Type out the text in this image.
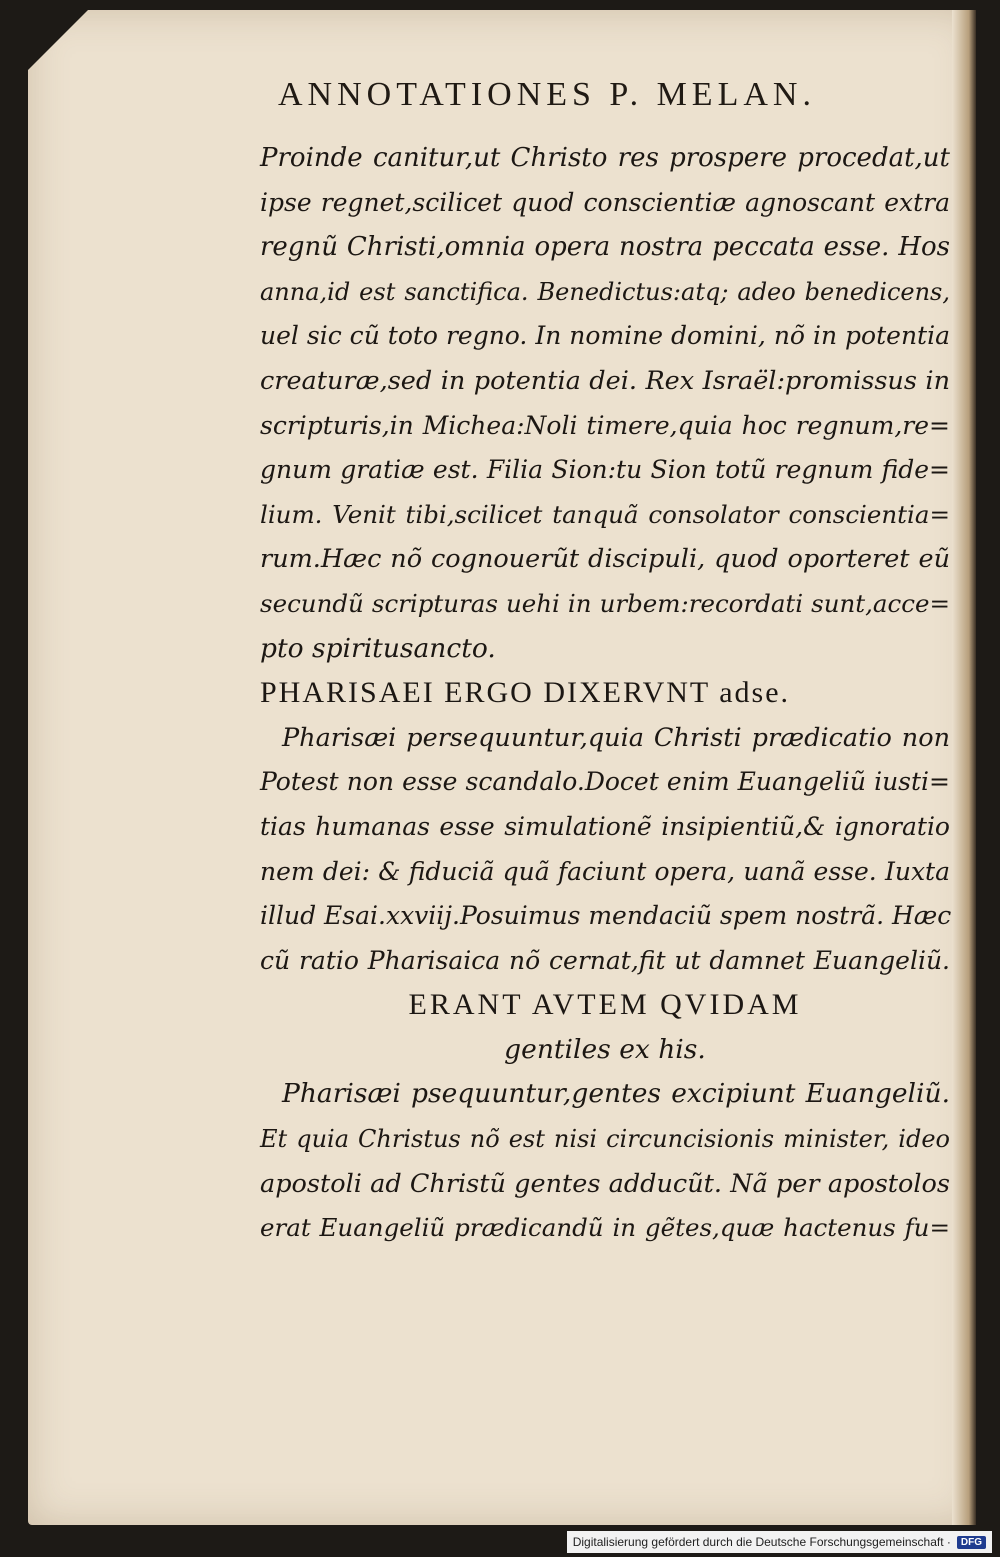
ANNOTATIONES P. MELAN.
Proinde canitur,ut Christo res prospere procedat,ut
ipse regnet,scilicet quod conscientiæ agnoscant extra
regnũ Christi,omnia opera nostra peccata esse. Hos
anna,id est sanctifica. Benedictus:atq; adeo benedicens,
uel sic cũ toto regno. In nomine domini, nõ in potentia
creaturæ,sed in potentia dei. Rex Israël:promissus in
scripturis,in Michea:Noli timere,quia hoc regnum,re=
gnum gratiæ est. Filia Sion:tu Sion totũ regnum fide=
lium. Venit tibi,scilicet tanquã consolator conscientia=
rum.Hæc nõ cognouerũt discipuli, quod oporteret eũ
secundũ scripturas uehi in urbem:recordati sunt,acce=
pto spiritusancto.
PHARISAEI ERGO DIXERVNT adse.
Pharisæi persequuntur,quia Christi prædicatio non
Potest non esse scandalo.Docet enim Euangeliũ iusti=
tias humanas esse simulationẽ insipientiũ,& ignoratio
nem dei: & fiduciã quã faciunt opera, uanã esse. Iuxta
illud Esai.xxviij.Posuimus mendaciũ spem nostrã. Hæc
cũ ratio Pharisaica nõ cernat,fit ut damnet Euangeliũ.
ERANT AVTEM QVIDAM
gentiles ex his.
Pharisæi psequuntur,gentes excipiunt Euangeliũ.
Et quia Christus nõ est nisi circuncisionis minister, ideo
apostoli ad Christũ gentes adducũt. Nã per apostolos
erat Euangeliũ prædicandũ in gẽtes,quæ hactenus fu=
Digitalisierung gefördert durch die Deutsche Forschungsgemeinschaft ·	DFG
